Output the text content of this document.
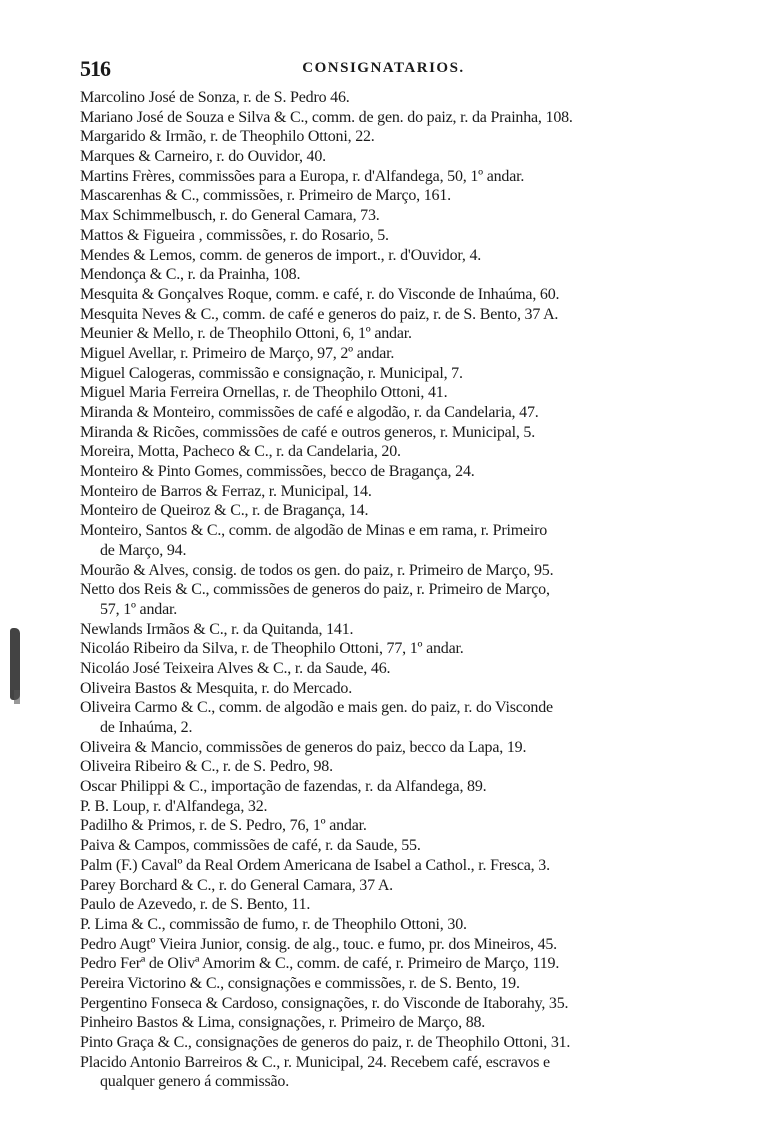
516	CONSIGNATARIOS.
Marcolino José de Sonza, r. de S. Pedro 46.
Mariano José de Souza e Silva & C., comm. de gen. do paiz, r. da Prainha, 108.
Margarido & Irmão, r. de Theophilo Ottoni, 22.
Marques & Carneiro, r. do Ouvidor, 40.
Martins Frères, commissões para a Europa, r. d'Alfandega, 50, 1º andar.
Mascarenhas & C., commissões, r. Primeiro de Março, 161.
Max Schimmelbusch, r. do General Camara, 73.
Mattos & Figueira , commissões, r. do Rosario, 5.
Mendes & Lemos, comm. de generos de import., r. d'Ouvidor, 4.
Mendonça & C., r. da Prainha, 108.
Mesquita & Gonçalves Roque, comm. e café, r. do Visconde de Inhaúma, 60.
Mesquita Neves & C., comm. de café e generos do paiz, r. de S. Bento, 37 A.
Meunier & Mello, r. de Theophilo Ottoni, 6, 1º andar.
Miguel Avellar, r. Primeiro de Março, 97, 2º andar.
Miguel Calogeras, commissão e consignação, r. Municipal, 7.
Miguel Maria Ferreira Ornellas, r. de Theophilo Ottoni, 41.
Miranda & Monteiro, commissões de café e algodão, r. da Candelaria, 47.
Miranda & Ricões, commissões de café e outros generos, r. Municipal, 5.
Moreira, Motta, Pacheco & C., r. da Candelaria, 20.
Monteiro & Pinto Gomes, commissões, becco de Bragança, 24.
Monteiro de Barros & Ferraz, r. Municipal, 14.
Monteiro de Queiroz & C., r. de Bragança, 14.
Monteiro, Santos & C., comm. de algodão de Minas e em rama, r. Primeiro
de Março, 94.
Mourão & Alves, consig. de todos os gen. do paiz, r. Primeiro de Março, 95.
Netto dos Reis & C., commissões de generos do paiz, r. Primeiro de Março,
57, 1º andar.
Newlands Irmãos & C., r. da Quitanda, 141.
Nicoláo Ribeiro da Silva, r. de Theophilo Ottoni, 77, 1º andar.
Nicoláo José Teixeira Alves & C., r. da Saude, 46.
Oliveira Bastos & Mesquita, r. do Mercado.
Oliveira Carmo & C., comm. de algodão e mais gen. do paiz, r. do Visconde
de Inhaúma, 2.
Oliveira & Mancio, commissões de generos do paiz, becco da Lapa, 19.
Oliveira Ribeiro & C., r. de S. Pedro, 98.
Oscar Philippi & C., importação de fazendas, r. da Alfandega, 89.
P. B. Loup, r. d'Alfandega, 32.
Padilho & Primos, r. de S. Pedro, 76, 1º andar.
Paiva & Campos, commissões de café, r. da Saude, 55.
Palm (F.) Cavalº da Real Ordem Americana de Isabel a Cathol., r. Fresca, 3.
Parey Borchard & C., r. do General Camara, 37 A.
Paulo de Azevedo, r. de S. Bento, 11.
P. Lima & C., commissão de fumo, r. de Theophilo Ottoni, 30.
Pedro Augtº Vieira Junior, consig. de alg., touc. e fumo, pr. dos Mineiros, 45.
Pedro Ferª de Olivª Amorim & C., comm. de café, r. Primeiro de Março, 119.
Pereira Victorino & C., consignações e commissões, r. de S. Bento, 19.
Pergentino Fonseca & Cardoso, consignações, r. do Visconde de Itaborahy, 35.
Pinheiro Bastos & Lima, consignações, r. Primeiro de Março, 88.
Pinto Graça & C., consignações de generos do paiz, r. de Theophilo Ottoni, 31.
Placido Antonio Barreiros & C., r. Municipal, 24. Recebem café, escravos e
qualquer genero á commissão.
